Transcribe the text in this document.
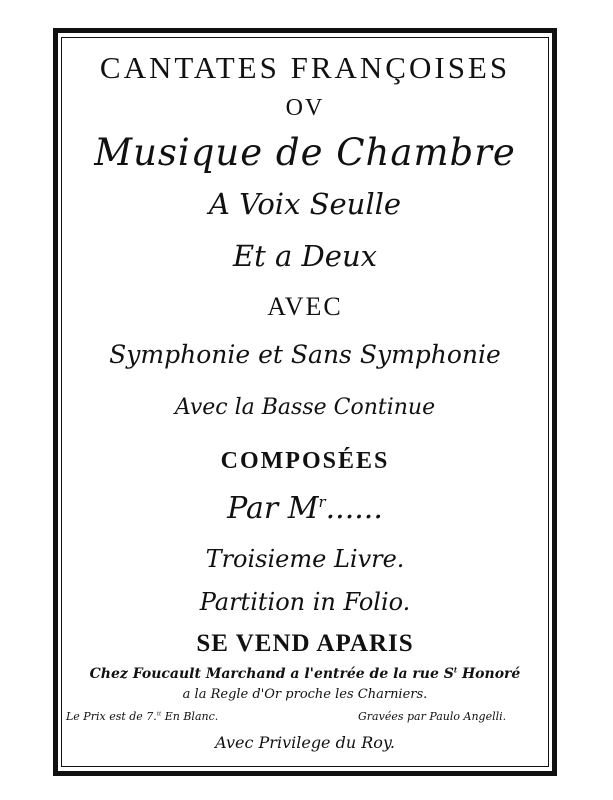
CANTATES FRANÇOISES
OV
Musique de Chambre
A Voix Seulle
Et a Deux
AVEC
Symphonie et Sans Symphonie
Avec la Basse Continue
COMPOSÉES
Par $M^r$......
Troisieme Livre.
Partition in Folio.
SE VEND APARIS
Chez Foucault Marchand a l'entrée de la rue $S^t$ Honoré
a la Regle d'Or proche les Charniers.
Le Prix est de 7.$^{tt}$ En Blanc.	Gravées par Paulo Angelli.
Avec Privilege du Roy.
